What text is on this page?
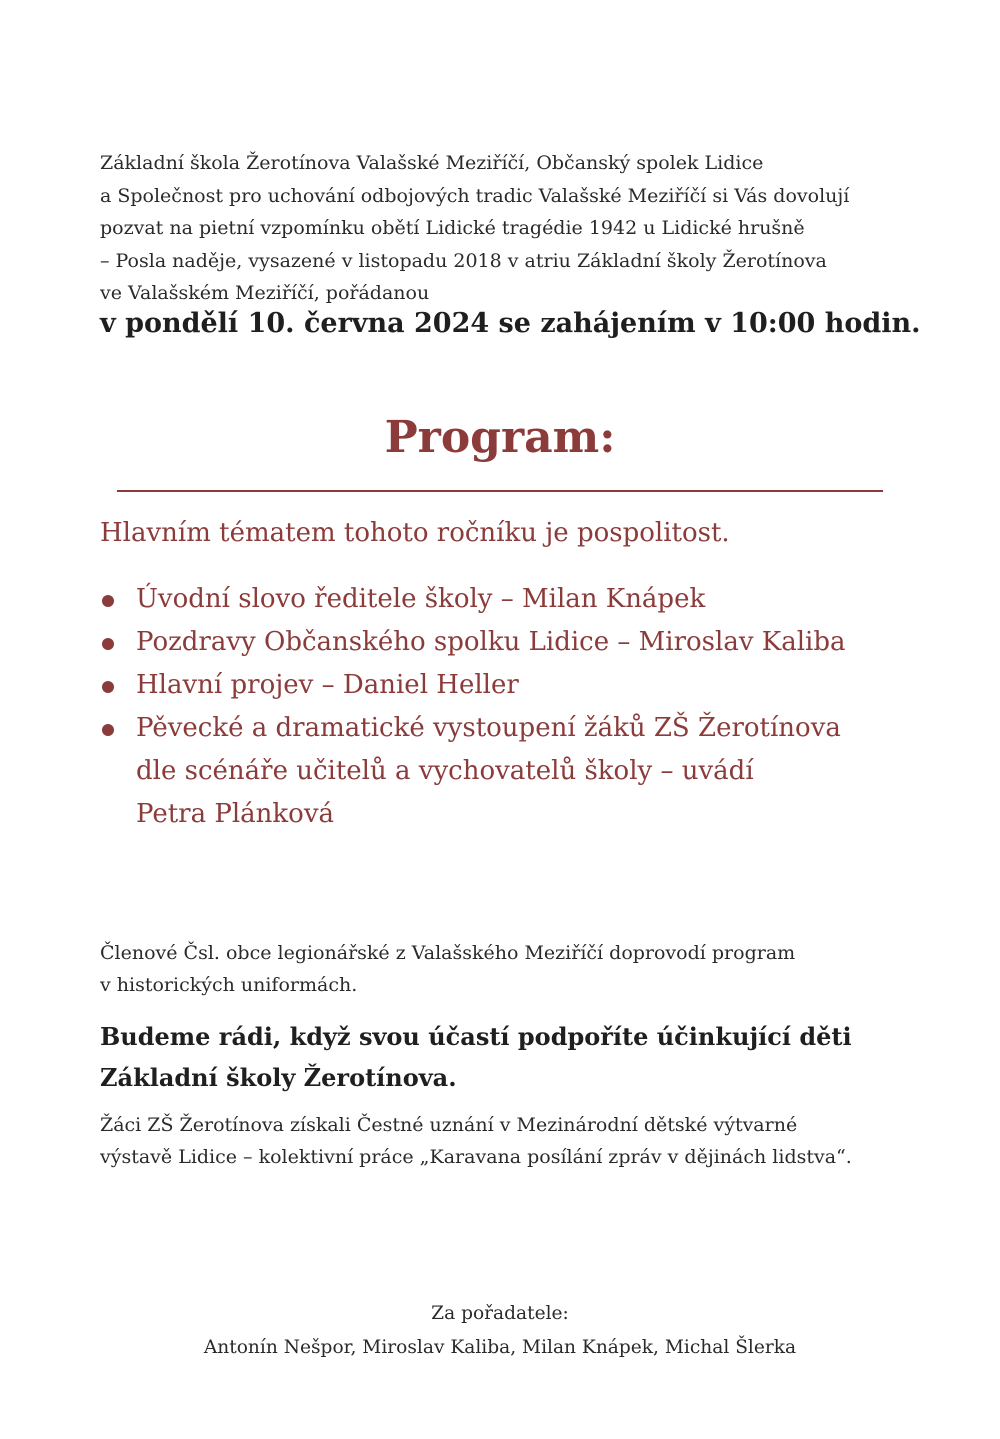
Základní škola Žerotínova Valašské Meziříčí, Občanský spolek Lidice
a Společnost pro uchování odbojových tradic Valašské Meziříčí si Vás dovolují
pozvat na pietní vzpomínku obětí Lidické tragédie 1942 u Lidické hrušně
– Posla naděje, vysazené v listopadu 2018 v atriu Základní školy Žerotínova
ve Valašském Meziříčí, pořádanou
v pondělí 10. června 2024 se zahájením v 10:00 hodin.
Program:
Hlavním tématem tohoto ročníku je pospolitost.
Úvodní slovo ředitele školy – Milan Knápek
Pozdravy Občanského spolku Lidice – Miroslav Kaliba
Hlavní projev – Daniel Heller
Pěvecké a dramatické vystoupení žáků ZŠ Žerotínova
dle scénáře učitelů a vychovatelů školy – uvádí
Petra Plánková
Členové Čsl. obce legionářské z Valašského Meziříčí doprovodí program
v historických uniformách.
Budeme rádi, když svou účastí podpoříte účinkující děti
Základní školy Žerotínova.
Žáci ZŠ Žerotínova získali Čestné uznání v Mezinárodní dětské výtvarné
výstavě Lidice – kolektivní práce „Karavana posílání zpráv v dějinách lidstva“.
Za pořadatele:
Antonín Nešpor, Miroslav Kaliba, Milan Knápek, Michal Šlerka
